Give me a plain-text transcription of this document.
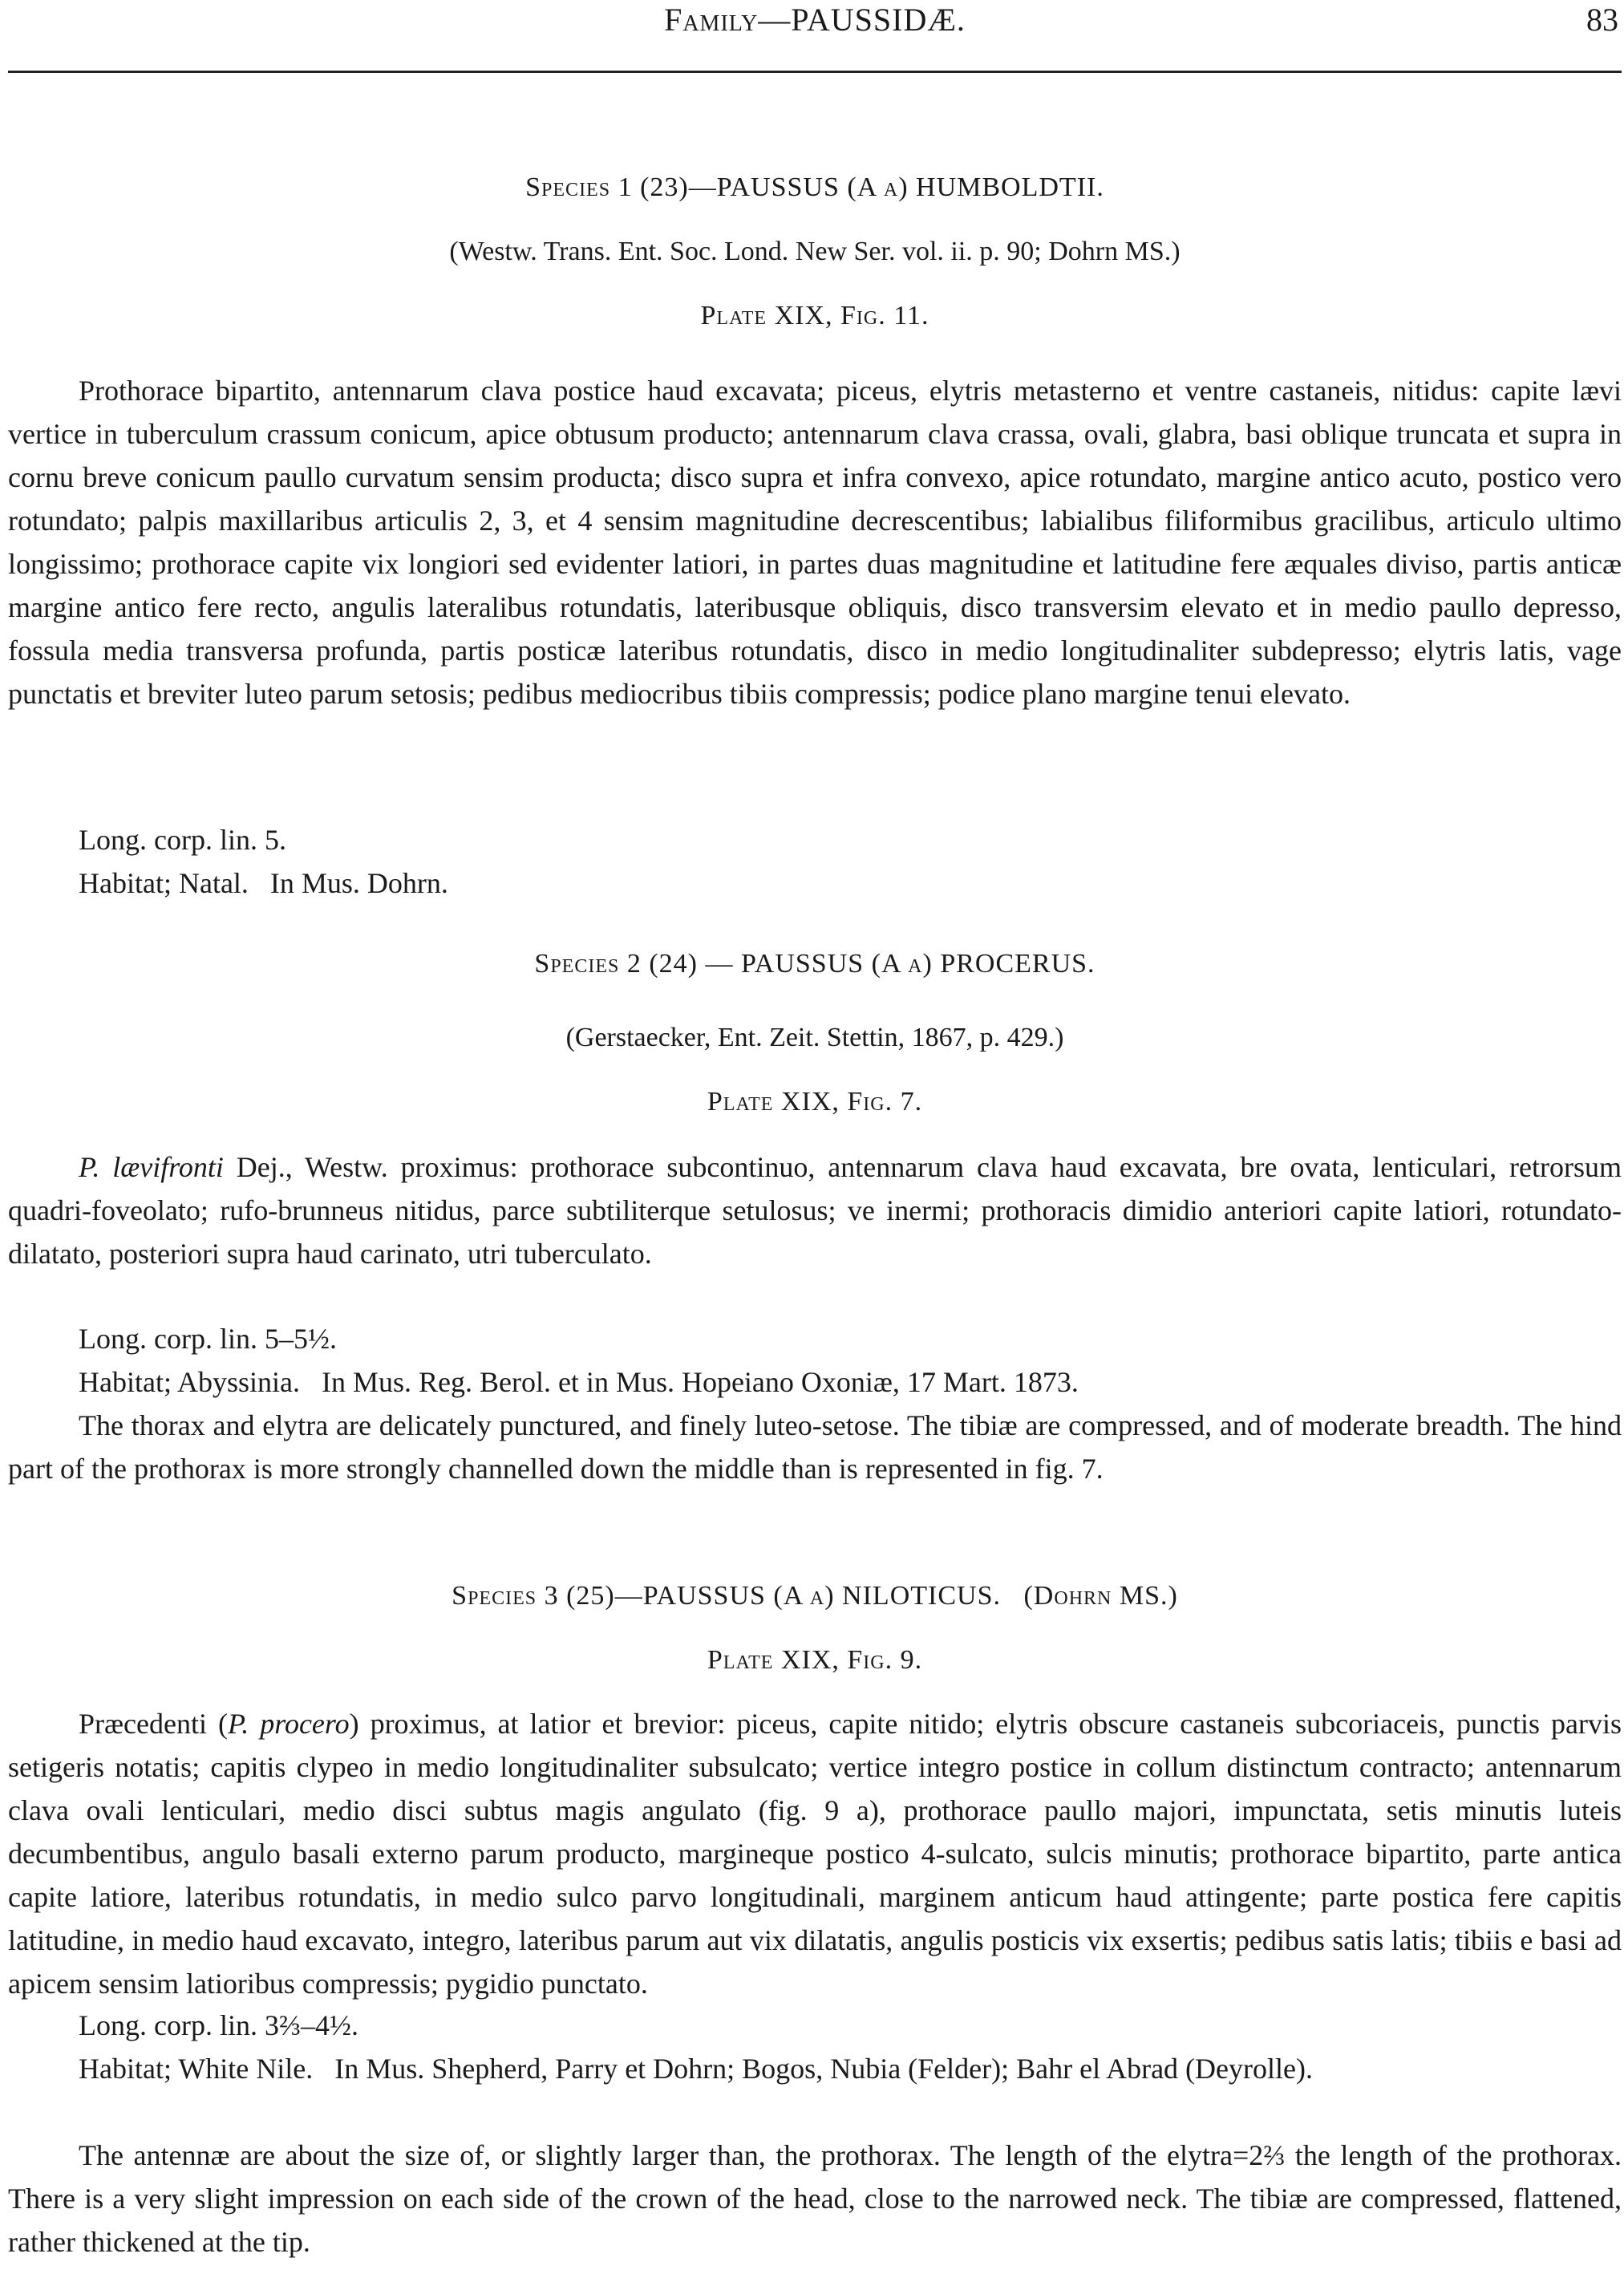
Family—PAUSSIDÆ.	83
Species 1 (23)—PAUSSUS (A a) HUMBOLDTII.
(Westw. Trans. Ent. Soc. Lond. New Ser. vol. ii. p. 90; Dohrn MS.)
Plate XIX, Fig. 11.

Prothorace bipartito, antennarum clava postice haud excavata; piceus, elytris metasterno et ventre castaneis, nitidus: capite lævi vertice in tuberculum crassum conicum, apice obtusum producto; antennarum clava crassa, ovali, glabra, basi oblique truncata et supra in cornu breve conicum paullo curvatum sensim producta; disco supra et infra convexo, apice rotundato, margine antico acuto, postico vero rotundato; palpis maxillaribus articulis 2, 3, et 4 sensim magnitudine decrescentibus; labialibus filiformibus gracilibus, articulo ultimo longissimo; prothorace capite vix longiori sed evidenter latiori, in partes duas magnitudine et latitudine fere æquales diviso, partis anticæ margine antico fere recto, angulis lateralibus rotundatis, lateribusque obliquis, disco transversim elevato et in medio paullo depresso, fossula media transversa profunda, partis posticæ lateribus rotundatis, disco in medio longitudinaliter subdepresso; elytris latis, vage punctatis et breviter luteo parum setosis; pedibus mediocribus tibiis compressis; podice plano margine tenui elevato.

Long. corp. lin. 5.
Habitat; Natal.   In Mus. Dohrn.
Species 2 (24) — PAUSSUS (A a) PROCERUS.
(Gerstaecker, Ent. Zeit. Stettin, 1867, p. 429.)
Plate XIX, Fig. 7.

P. lævifronti Dej., Westw. proximus: prothorace subcontinuo, antennarum clava haud excavata, bre ovata, lenticulari, retrorsum quadri-foveolato; rufo-brunneus nitidus, parce subtiliterque setulosus; ve inermi; prothoracis dimidio anteriori capite latiori, rotundato-dilatato, posteriori supra haud carinato, utri tuberculato.

Long. corp. lin. 5–5½.
Habitat; Abyssinia.   In Mus. Reg. Berol. et in Mus. Hopeiano Oxoniæ, 17 Mart. 1873.

The thorax and elytra are delicately punctured, and finely luteo-setose. The tibiæ are compressed, and of moderate breadth. The hind part of the prothorax is more strongly channelled down the middle than is represented in fig. 7.

Species 3 (25)—PAUSSUS (A a) NILOTICUS.   (Dohrn MS.)
Plate XIX, Fig. 9.

Præcedenti (P. procero) proximus, at latior et brevior: piceus, capite nitido; elytris obscure castaneis subcoriaceis, punctis parvis setigeris notatis; capitis clypeo in medio longitudinaliter subsulcato; vertice integro postice in collum distinctum contracto; antennarum clava ovali lenticulari, medio disci subtus magis angulato (fig. 9 a), prothorace paullo majori, impunctata, setis minutis luteis decumbentibus, angulo basali externo parum producto, margineque postico 4-sulcato, sulcis minutis; prothorace bipartito, parte antica capite latiore, lateribus rotundatis, in medio sulco parvo longitudinali, marginem anticum haud attingente; parte postica fere capitis latitudine, in medio haud excavato, integro, lateribus parum aut vix dilatatis, angulis posticis vix exsertis; pedibus satis latis; tibiis e basi ad apicem sensim latioribus compressis; pygidio punctato.

Long. corp. lin. 3⅔–4½.

Habitat; White Nile.   In Mus. Shepherd, Parry et Dohrn; Bogos, Nubia (Felder); Bahr el Abrad (Deyrolle).

The antennæ are about the size of, or slightly larger than, the prothorax. The length of the elytra=2⅔ the length of the prothorax. There is a very slight impression on each side of the crown of the head, close to the narrowed neck. The tibiæ are compressed, flattened, rather thickened at the tip.
